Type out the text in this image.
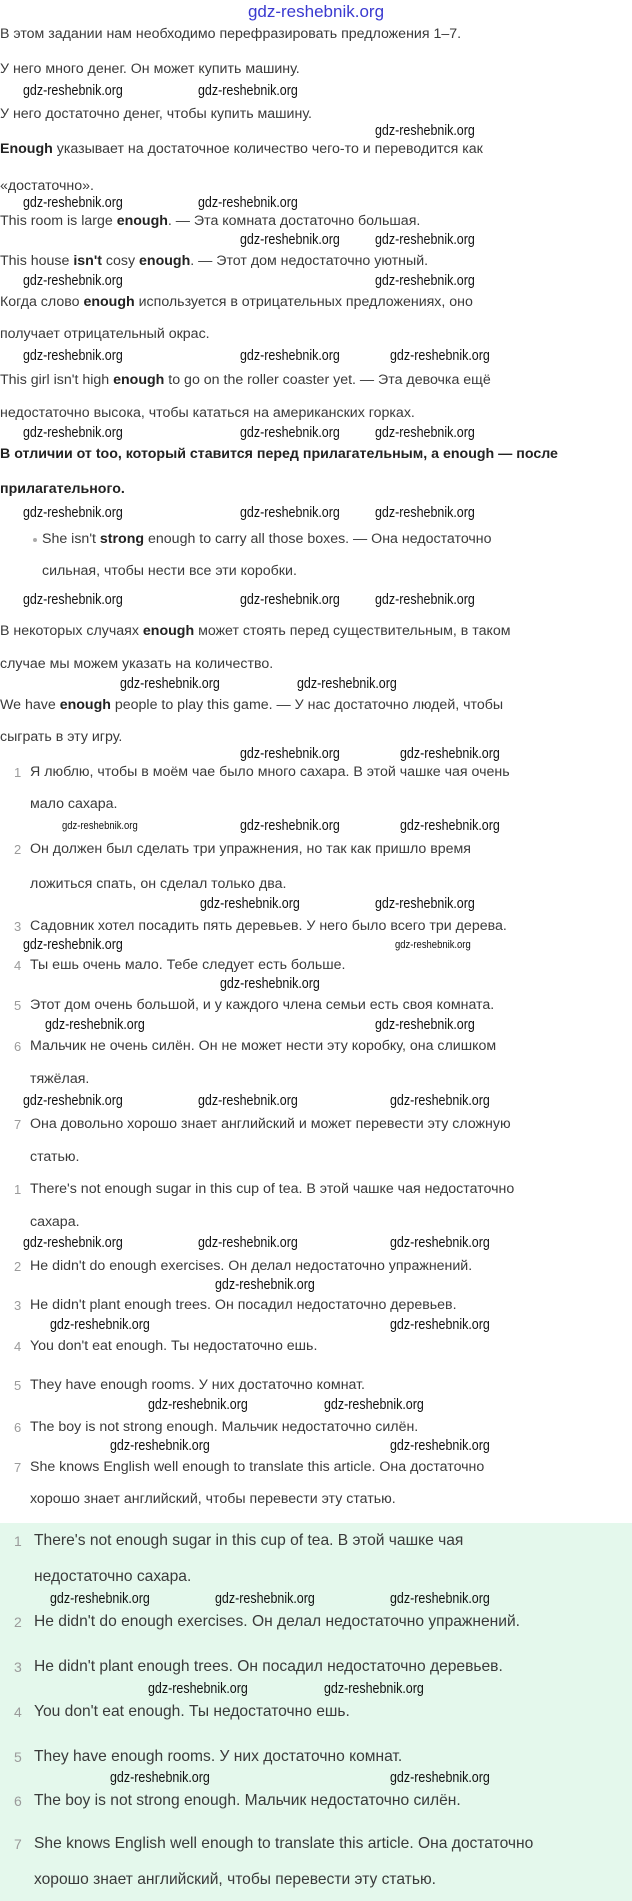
gdz-reshebnik.org
В этом задании нам необходимо перефразировать предложения 1–7.
У него много денег. Он может купить машину.
У него достаточно денег, чтобы купить машину.
Enough указывает на достаточное количество чего-то и переводится как
«достаточно».
This room is large enough. — Эта комната достаточно большая.
This house isn't cosy enough. — Этот дом недостаточно уютный.
Когда слово enough используется в отрицательных предложениях, оно
получает отрицательный окрас.
This girl isn't high enough to go on the roller coaster yet. — Эта девочка ещё
недостаточно высока, чтобы кататься на американских горках.
В отличии от too, который ставится перед прилагательным, а enough — после
прилагательного.
She isn't strong enough to carry all those boxes. — Она недостаточно
сильная, чтобы нести все эти коробки.
В некоторых случаях enough может стоять перед существительным, в таком
случае мы можем указать на количество.
We have enough people to play this game. — У нас достаточно людей, чтобы
сыграть в эту игру.
1 Я люблю, чтобы в моём чае было много сахара. В этой чашке чая очень
мало сахара.
2 Он должен был сделать три упражнения, но так как пришло время
ложиться спать, он сделал только два.
3 Садовник хотел посадить пять деревьев. У него было всего три дерева.
4 Ты ешь очень мало. Тебе следует есть больше.
5 Этот дом очень большой, и у каждого члена семьи есть своя комната.
6 Мальчик не очень силён. Он не может нести эту коробку, она слишком
тяжёлая.
7 Она довольно хорошо знает английский и может перевести эту сложную
статью.
1 There's not enough sugar in this cup of tea. В этой чашке чая недостаточно
сахара.
2 He didn't do enough exercises. Он делал недостаточно упражнений.
3 He didn't plant enough trees. Он посадил недостаточно деревьев.
4 You don't eat enough. Ты недостаточно ешь.
5 They have enough rooms. У них достаточно комнат.
6 The boy is not strong enough. Мальчик недостаточно силён.
7 She knows English well enough to translate this article. Она достаточно
хорошо знает английский, чтобы перевести эту статью.
1 There's not enough sugar in this cup of tea. В этой чашке чая
недостаточно сахара.
2 He didn't do enough exercises. Он делал недостаточно упражнений.
3 He didn't plant enough trees. Он посадил недостаточно деревьев.
4 You don't eat enough. Ты недостаточно ешь.
5 They have enough rooms. У них достаточно комнат.
6 The boy is not strong enough. Мальчик недостаточно силён.
7 She knows English well enough to translate this article. Она достаточно
хорошо знает английский, чтобы перевести эту статью.
gdz-reshebnik.org	gdz-reshebnik.org
gdz-reshebnik.org
gdz-reshebnik.org	gdz-reshebnik.org
gdz-reshebnik.org gdz-reshebnik.org
gdz-reshebnik.org	gdz-reshebnik.org
gdz-reshebnik.org	gdz-reshebnik.org	gdz-reshebnik.org
gdz-reshebnik.org	gdz-reshebnik.org gdz-reshebnik.org
gdz-reshebnik.org	gdz-reshebnik.org gdz-reshebnik.org
gdz-reshebnik.org	gdz-reshebnik.org gdz-reshebnik.org
gdz-reshebnik.org	gdz-reshebnik.org
gdz-reshebnik.org	gdz-reshebnik.org
gdz-reshebnik.org	gdz-reshebnik.org	gdz-reshebnik.org
gdz-reshebnik.org	gdz-reshebnik.org
gdz-reshebnik.org	gdz-reshebnik.org
gdz-reshebnik.org
gdz-reshebnik.org	gdz-reshebnik.org
gdz-reshebnik.org	gdz-reshebnik.org	gdz-reshebnik.org
gdz-reshebnik.org	gdz-reshebnik.org	gdz-reshebnik.org
gdz-reshebnik.org
gdz-reshebnik.org	gdz-reshebnik.org
gdz-reshebnik.org	gdz-reshebnik.org
gdz-reshebnik.org	gdz-reshebnik.org
gdz-reshebnik.org	gdz-reshebnik.org	gdz-reshebnik.org
gdz-reshebnik.org	gdz-reshebnik.org
gdz-reshebnik.org	gdz-reshebnik.org
